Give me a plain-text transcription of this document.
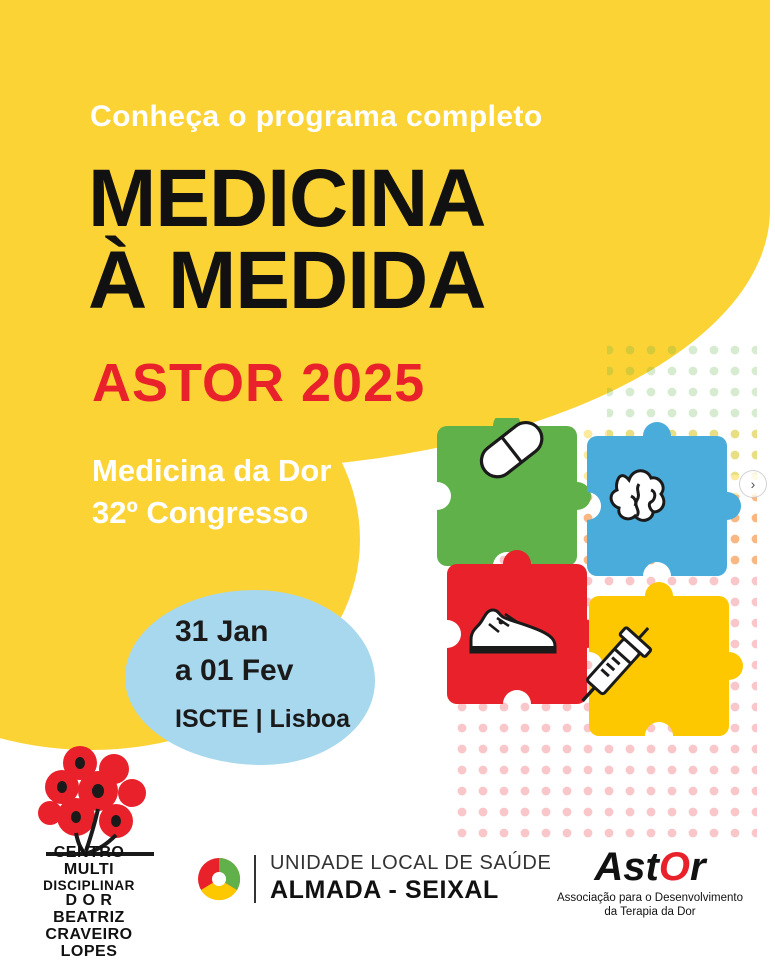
Conheça o programa completo
MEDICINA
À MEDIDA
ASTOR 2025
Medicina da Dor
32º Congresso
31 Jan
a 01 Fev
ISCTE | Lisboa
CENTRO
MULTI
DISCIPLINAR
D O R
BEATRIZ
CRAVEIRO
LOPES
UNIDADE LOCAL DE SAÚDE
ALMADA - SEIXAL
AstOr
Associação para o Desenvolvimento
da Terapia da Dor
›
